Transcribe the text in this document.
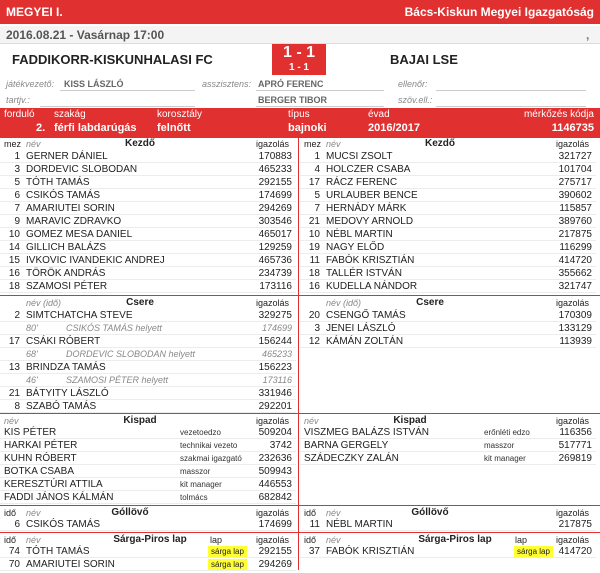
MEGYEI I.	Bács-Kiskun Megyei Igazgatóság
2016.08.21 - Vasárnap 17:00	,
FADDIKORR-KISKUNHALASI FC	1 - 1
1 - 1
BAJAI LSE
játékvezető: KISS LÁSZLÓ	asszisztens: APRÓ FERENC	ellenőr:
tartjv.:	BERGER TIBOR	szöv.ell.:
forduló
2.
szakág
férfi labdarúgás
korosztály
felnőtt
típus
bajnoki
évad
2016/2017
mérkőzés kódja
1146735
mez név	Kezdő	igazolás mez név	Kezdő	igazolás
név (idő)	Csere	igazolás	név (idő)	Csere	igazolás
név	Kispad	igazolás név	Kispad	igazolás
idő név	Góllövő	igazolás idő név	Góllövő	igazolás
idő név	Sárga-Piros lap	lap	igazolás idő név	Sárga-Piros lap	lap	igazolás
1 GERNER DÁNIEL	170883
3 DORDEVIC SLOBODAN	465233
5 TÓTH TAMÁS	292155
6 CSIKÓS TAMÁS	174699
7 AMARIUTEI SORIN	294269
9 MARAVIC ZDRAVKO	303546
10 GOMEZ MESA DANIEL	465017
14 GILLICH BALÁZS	129259
15 IVKOVIC IVANDEKIC ANDREJ	465736
16 TÖRÖK ANDRÁS	234739
18 SZAMOSI PÉTER	173116
1 MUCSI ZSOLT	321727
4 HOLCZER CSABA	101704
17 RÁCZ FERENC	275717
5 URLAUBER BENCE	390602
7 HERNÁDY MÁRK	115857
21 MEDOVY ARNOLD	389760
10 NÉBL MARTIN	217875
19 NAGY ELŐD	116299
11 FABÓK KRISZTIÁN	414720
18 TALLÉR ISTVÁN	355662
16 KUDELLA NÁNDOR	321747
2 SIMTCHATCHA STEVE	329275
80'	CSIKÓS TAMÁS helyett	174699
17 CSÁKI RÓBERT	156244
68'	DORDEVIC SLOBODAN helyett	465233
13 BRINDZA TAMÁS	156223
46'	SZAMOSI PÉTER helyett	173116
21 BÁTYITY LÁSZLÓ	331946
8 SZABÓ TAMÁS	292201
20 CSENGŐ TAMÁS	170309
3 JENEI LÁSZLÓ	133129
12 KÁMÁN ZOLTÁN	113939
KIS PÉTER	vezetoedzo	509204
HARKAI PÉTER	technikai vezeto	3742
KUHN RÓBERT	szakmai igazgató 232636
BOTKA CSABA	masszor	509943
KERESZTÚRI ATTILA	kit manager	446553
FADDI JÁNOS KÁLMÁN	tolmács	682842
VISZMEG BALÁZS ISTVÁN	erőnléti edzo	116356
BARNA GERGELY	masszor	517771
SZÁDECZKY ZALÁN	kit manager	269819
6 CSIKÓS TAMÁS	174699	11 NÉBL MARTIN	217875
74 TÓTH TAMÁS	sárga lap	292155
70 AMARIUTEI SORIN	sárga lap	294269
37 FABÓK KRISZTIÁN	sárga lap 414720
